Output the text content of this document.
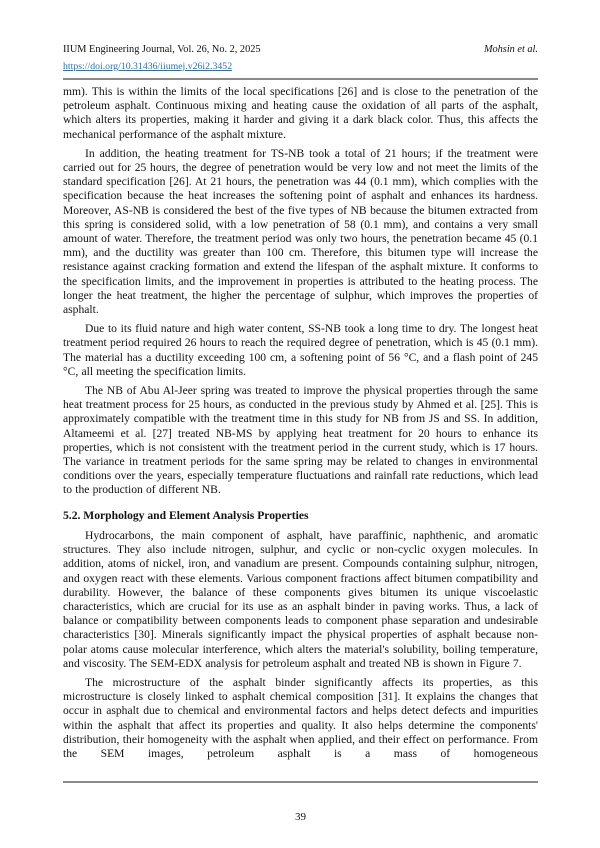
IIUM Engineering Journal, Vol. 26, No. 2, 2025	Mohsin et al.
https://doi.org/10.31436/iiumej.v26i2.3452

mm). This is within the limits of the local specifications [26] and is close to the penetration of the petroleum asphalt. Continuous mixing and heating cause the oxidation of all parts of the asphalt, which alters its properties, making it harder and giving it a dark black color. Thus, this affects the mechanical performance of the asphalt mixture.

In addition, the heating treatment for TS-NB took a total of 21 hours; if the treatment were carried out for 25 hours, the degree of penetration would be very low and not meet the limits of the standard specification [26]. At 21 hours, the penetration was 44 (0.1 mm), which complies with the specification because the heat increases the softening point of asphalt and enhances its hardness. Moreover, AS-NB is considered the best of the five types of NB because the bitumen extracted from this spring is considered solid, with a low penetration of 58 (0.1 mm), and contains a very small amount of water. Therefore, the treatment period was only two hours, the penetration became 45 (0.1 mm), and the ductility was greater than 100 cm. Therefore, this bitumen type will increase the resistance against cracking formation and extend the lifespan of the asphalt mixture. It conforms to the specification limits, and the improvement in properties is attributed to the heating process. The longer the heat treatment, the higher the percentage of sulphur, which improves the properties of asphalt.

Due to its fluid nature and high water content, SS-NB took a long time to dry. The longest heat treatment period required 26 hours to reach the required degree of penetration, which is 45 (0.1 mm). The material has a ductility exceeding 100 cm, a softening point of 56 °C, and a flash point of 245 °C, all meeting the specification limits.

The NB of Abu Al-Jeer spring was treated to improve the physical properties through the same heat treatment process for 25 hours, as conducted in the previous study by Ahmed et al. [25]. This is approximately compatible with the treatment time in this study for NB from JS and SS. In addition, Altameemi et al. [27] treated NB-MS by applying heat treatment for 20 hours to enhance its properties, which is not consistent with the treatment period in the current study, which is 17 hours. The variance in treatment periods for the same spring may be related to changes in environmental conditions over the years, especially temperature fluctuations and rainfall rate reductions, which lead to the production of different NB.

5.2. Morphology and Element Analysis Properties

Hydrocarbons, the main component of asphalt, have paraffinic, naphthenic, and aromatic structures. They also include nitrogen, sulphur, and cyclic or non-cyclic oxygen molecules. In addition, atoms of nickel, iron, and vanadium are present. Compounds containing sulphur, nitrogen, and oxygen react with these elements. Various component fractions affect bitumen compatibility and durability. However, the balance of these components gives bitumen its unique viscoelastic characteristics, which are crucial for its use as an asphalt binder in paving works. Thus, a lack of balance or compatibility between components leads to component phase separation and undesirable characteristics [30]. Minerals significantly impact the physical properties of asphalt because non-polar atoms cause molecular interference, which alters the material's solubility, boiling temperature, and viscosity. The SEM-EDX analysis for petroleum asphalt and treated NB is shown in Figure 7.

The microstructure of the asphalt binder significantly affects its properties, as this microstructure is closely linked to asphalt chemical composition [31]. It explains the changes that occur in asphalt due to chemical and environmental factors and helps detect defects and impurities within the asphalt that affect its properties and quality. It also helps determine the components' distribution, their homogeneity with the asphalt when applied, and their effect on performance. From the SEM images, petroleum asphalt is a mass of homogeneous

39
